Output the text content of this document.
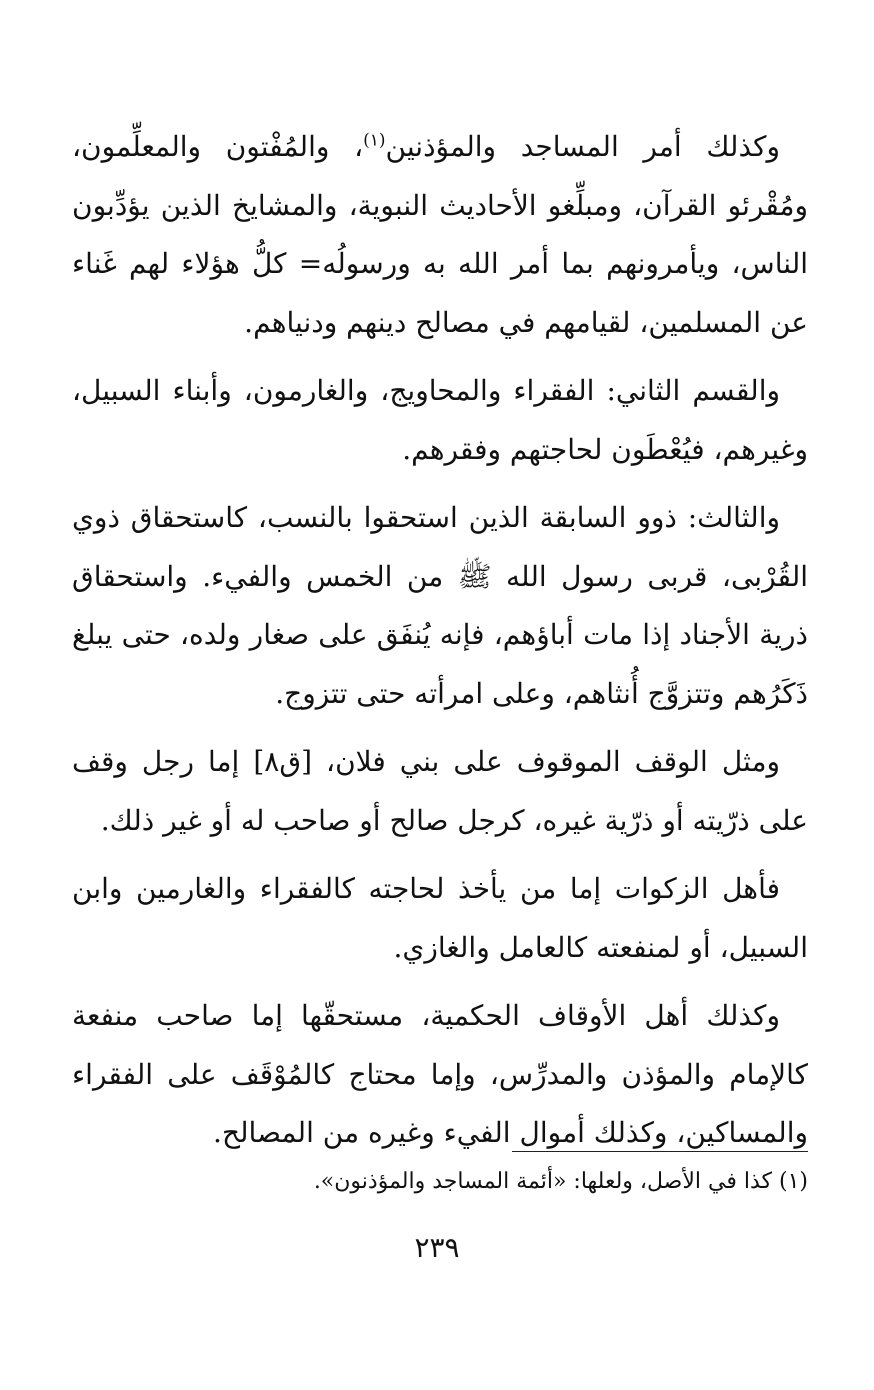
وكذلك أمر المساجد والمؤذنين$^{(١)}$، والمُفْتون والمعلِّمون، ومُقْرئو القرآن، ومبلِّغو الأحاديث النبوية، والمشايخ الذين يؤدِّبون الناس، ويأمرونهم بما أمر الله به ورسولُه= كلُّ هؤلاء لهم غَناء عن المسلمين، لقيامهم في مصالح دينهم ودنياهم.

والقسم الثاني: الفقراء والمحاويج، والغارمون، وأبناء السبيل، وغيرهم، فيُعْطَون لحاجتهم وفقرهم.

والثالث: ذوو السابقة الذين استحقوا بالنسب، كاستحقاق ذوي القُرْبى، قربى رسول الله ﷺ من الخمس والفيء. واستحقاق ذرية الأجناد إذا مات أباؤهم، فإنه يُنفَق على صغار ولده، حتى يبلغ ذَكَرُهم وتتزوَّج أُنثاهم، وعلى امرأته حتى تتزوج.

ومثل الوقف الموقوف على بني فلان، [ق٨] إما رجل وقف على ذرّيته أو ذرّية غيره، كرجل صالح أو صاحب له أو غير ذلك.

فأهل الزكوات إما من يأخذ لحاجته كالفقراء والغارمين وابن السبيل، أو لمنفعته كالعامل والغازي.

وكذلك أهل الأوقاف الحكمية، مستحقّها إما صاحب منفعة كالإمام والمؤذن والمدرِّس، وإما محتاج كالمُوْقَف على الفقراء والمساكين، وكذلك أموال الفيء وغيره من المصالح.

(١) كذا في الأصل، ولعلها: «أئمة المساجد والمؤذنون».
٢٣٩
